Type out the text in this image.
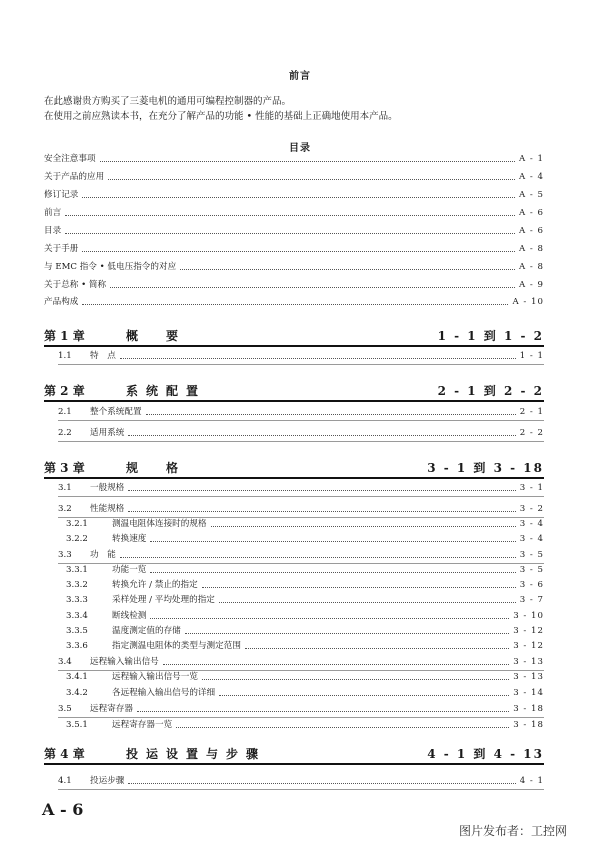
前言
在此感谢贵方购买了三菱电机的通用可编程控制器的产品。
在使用之前应熟读本书，在充分了解产品的功能 • 性能的基础上正确地使用本产品。
目录
安全注意事项	A - 1
关于产品的应用	A - 4
修订记录	A - 5
前言	A - 6
目录	A - 6
关于手册	A - 8
与 EMC 指令 • 低电压指令的对应	A - 8
关于总称 • 简称	A - 9
产品构成	A - 10
第 1 章	概　要	1 - 1 到 1 - 2
1.1	特　点	1 - 1
第 2 章	系统配置	2 - 1 到 2 - 2
2.1	整个系统配置	2 - 1
2.2	适用系统	2 - 2
第 3 章	规　格	3 - 1 到 3 - 18
3.1	一般规格	3 - 1
3.2	性能规格	3 - 2
3.2.1	测温电阻体连接时的规格	3 - 4
3.2.2	转换速度	3 - 4
3.3	功　能	3 - 5
3.3.1	功能一览	3 - 5
3.3.2	转换允许 / 禁止的指定	3 - 6
3.3.3	采样处理 / 平均处理的指定	3 - 7
3.3.4	断线检测	3 - 10
3.3.5	温度测定值的存储	3 - 12
3.3.6	指定测温电阻体的类型与测定范围	3 - 12
3.4	远程输入输出信号	3 - 13
3.4.1	远程输入输出信号一览	3 - 13
3.4.2	各远程输入输出信号的详细	3 - 14
3.5	远程寄存器	3 - 18
3.5.1	远程寄存器一览	3 - 18
第 4 章	投运设置与步骤	4 - 1 到 4 - 13
4.1	投运步骤	4 - 1
A - 6
图片发布者：工控网
